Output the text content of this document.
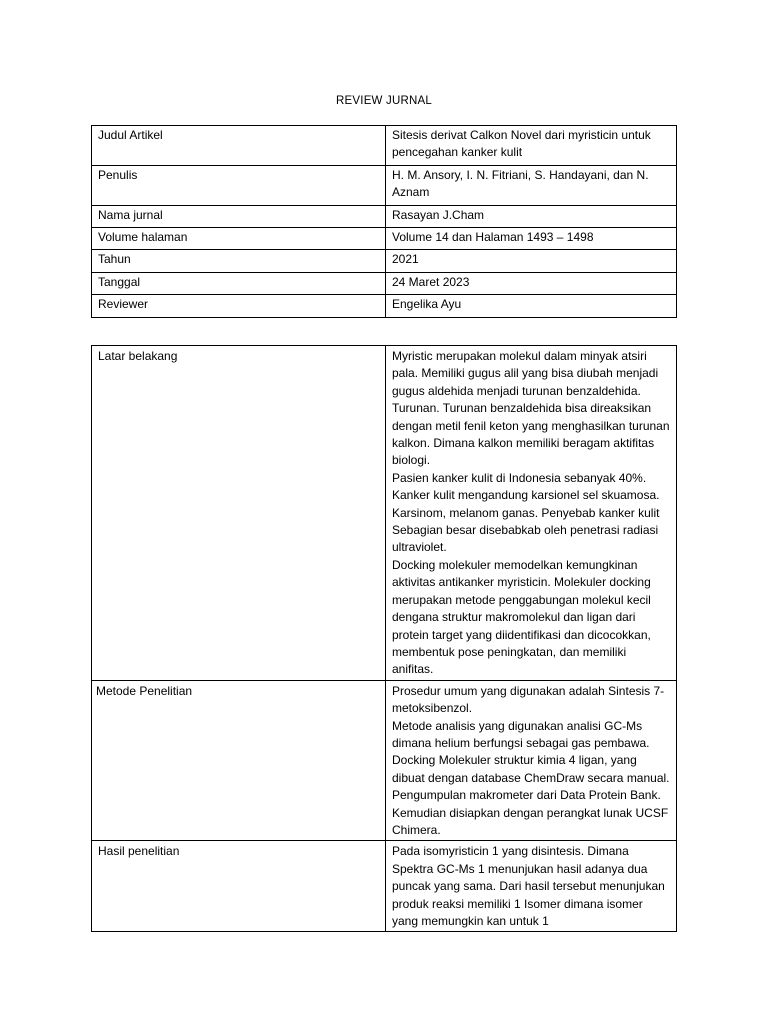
REVIEW JURNAL
Judul Artikel	Sitesis derivat Calkon Novel dari myristicin untuk pencegahan kanker kulit
Penulis	H. M. Ansory, I. N. Fitriani, S. Handayani, dan N. Aznam
Nama jurnal	Rasayan J.Cham
Volume halaman	Volume 14 dan Halaman 1493 – 1498
Tahun	2021
Tanggal	24 Maret 2023
Reviewer	Engelika Ayu
Latar belakang	Myristic merupakan molekul dalam minyak atsiri pala. Memiliki gugus alil yang bisa diubah menjadi gugus aldehida menjadi turunan benzaldehida. Turunan. Turunan benzaldehida bisa direaksikan dengan metil fenil keton yang menghasilkan turunan kalkon. Dimana kalkon memiliki beragam aktifitas biologi.
Pasien kanker kulit di Indonesia sebanyak 40%. Kanker kulit mengandung karsionel sel skuamosa. Karsinom, melanom ganas. Penyebab kanker kulit Sebagian besar disebabkab oleh penetrasi radiasi ultraviolet.
Docking molekuler memodelkan kemungkinan aktivitas antikanker myristicin. Molekuler docking merupakan metode penggabungan molekul kecil dengana struktur makromolekul dan ligan dari protein target yang diidentifikasi dan dicocokkan, membentuk pose peningkatan, dan memiliki anifitas.

Metode Penelitian	Prosedur umum yang digunakan adalah Sintesis 7-metoksibenzol.
Metode analisis yang digunakan analisi GC-Ms dimana helium berfungsi sebagai gas pembawa. Docking Molekuler struktur kimia 4 ligan, yang dibuat dengan database ChemDraw secara manual. Pengumpulan makrometer dari Data Protein Bank. Kemudian disiapkan dengan perangkat lunak UCSF Chimera.

Hasil penelitian	Pada isomyristicin 1 yang disintesis. Dimana Spektra GC-Ms 1 menunjukan hasil adanya dua puncak yang sama. Dari hasil tersebut menunjukan produk reaksi memiliki 1 Isomer dimana isomer yang memungkin kan untuk 1
